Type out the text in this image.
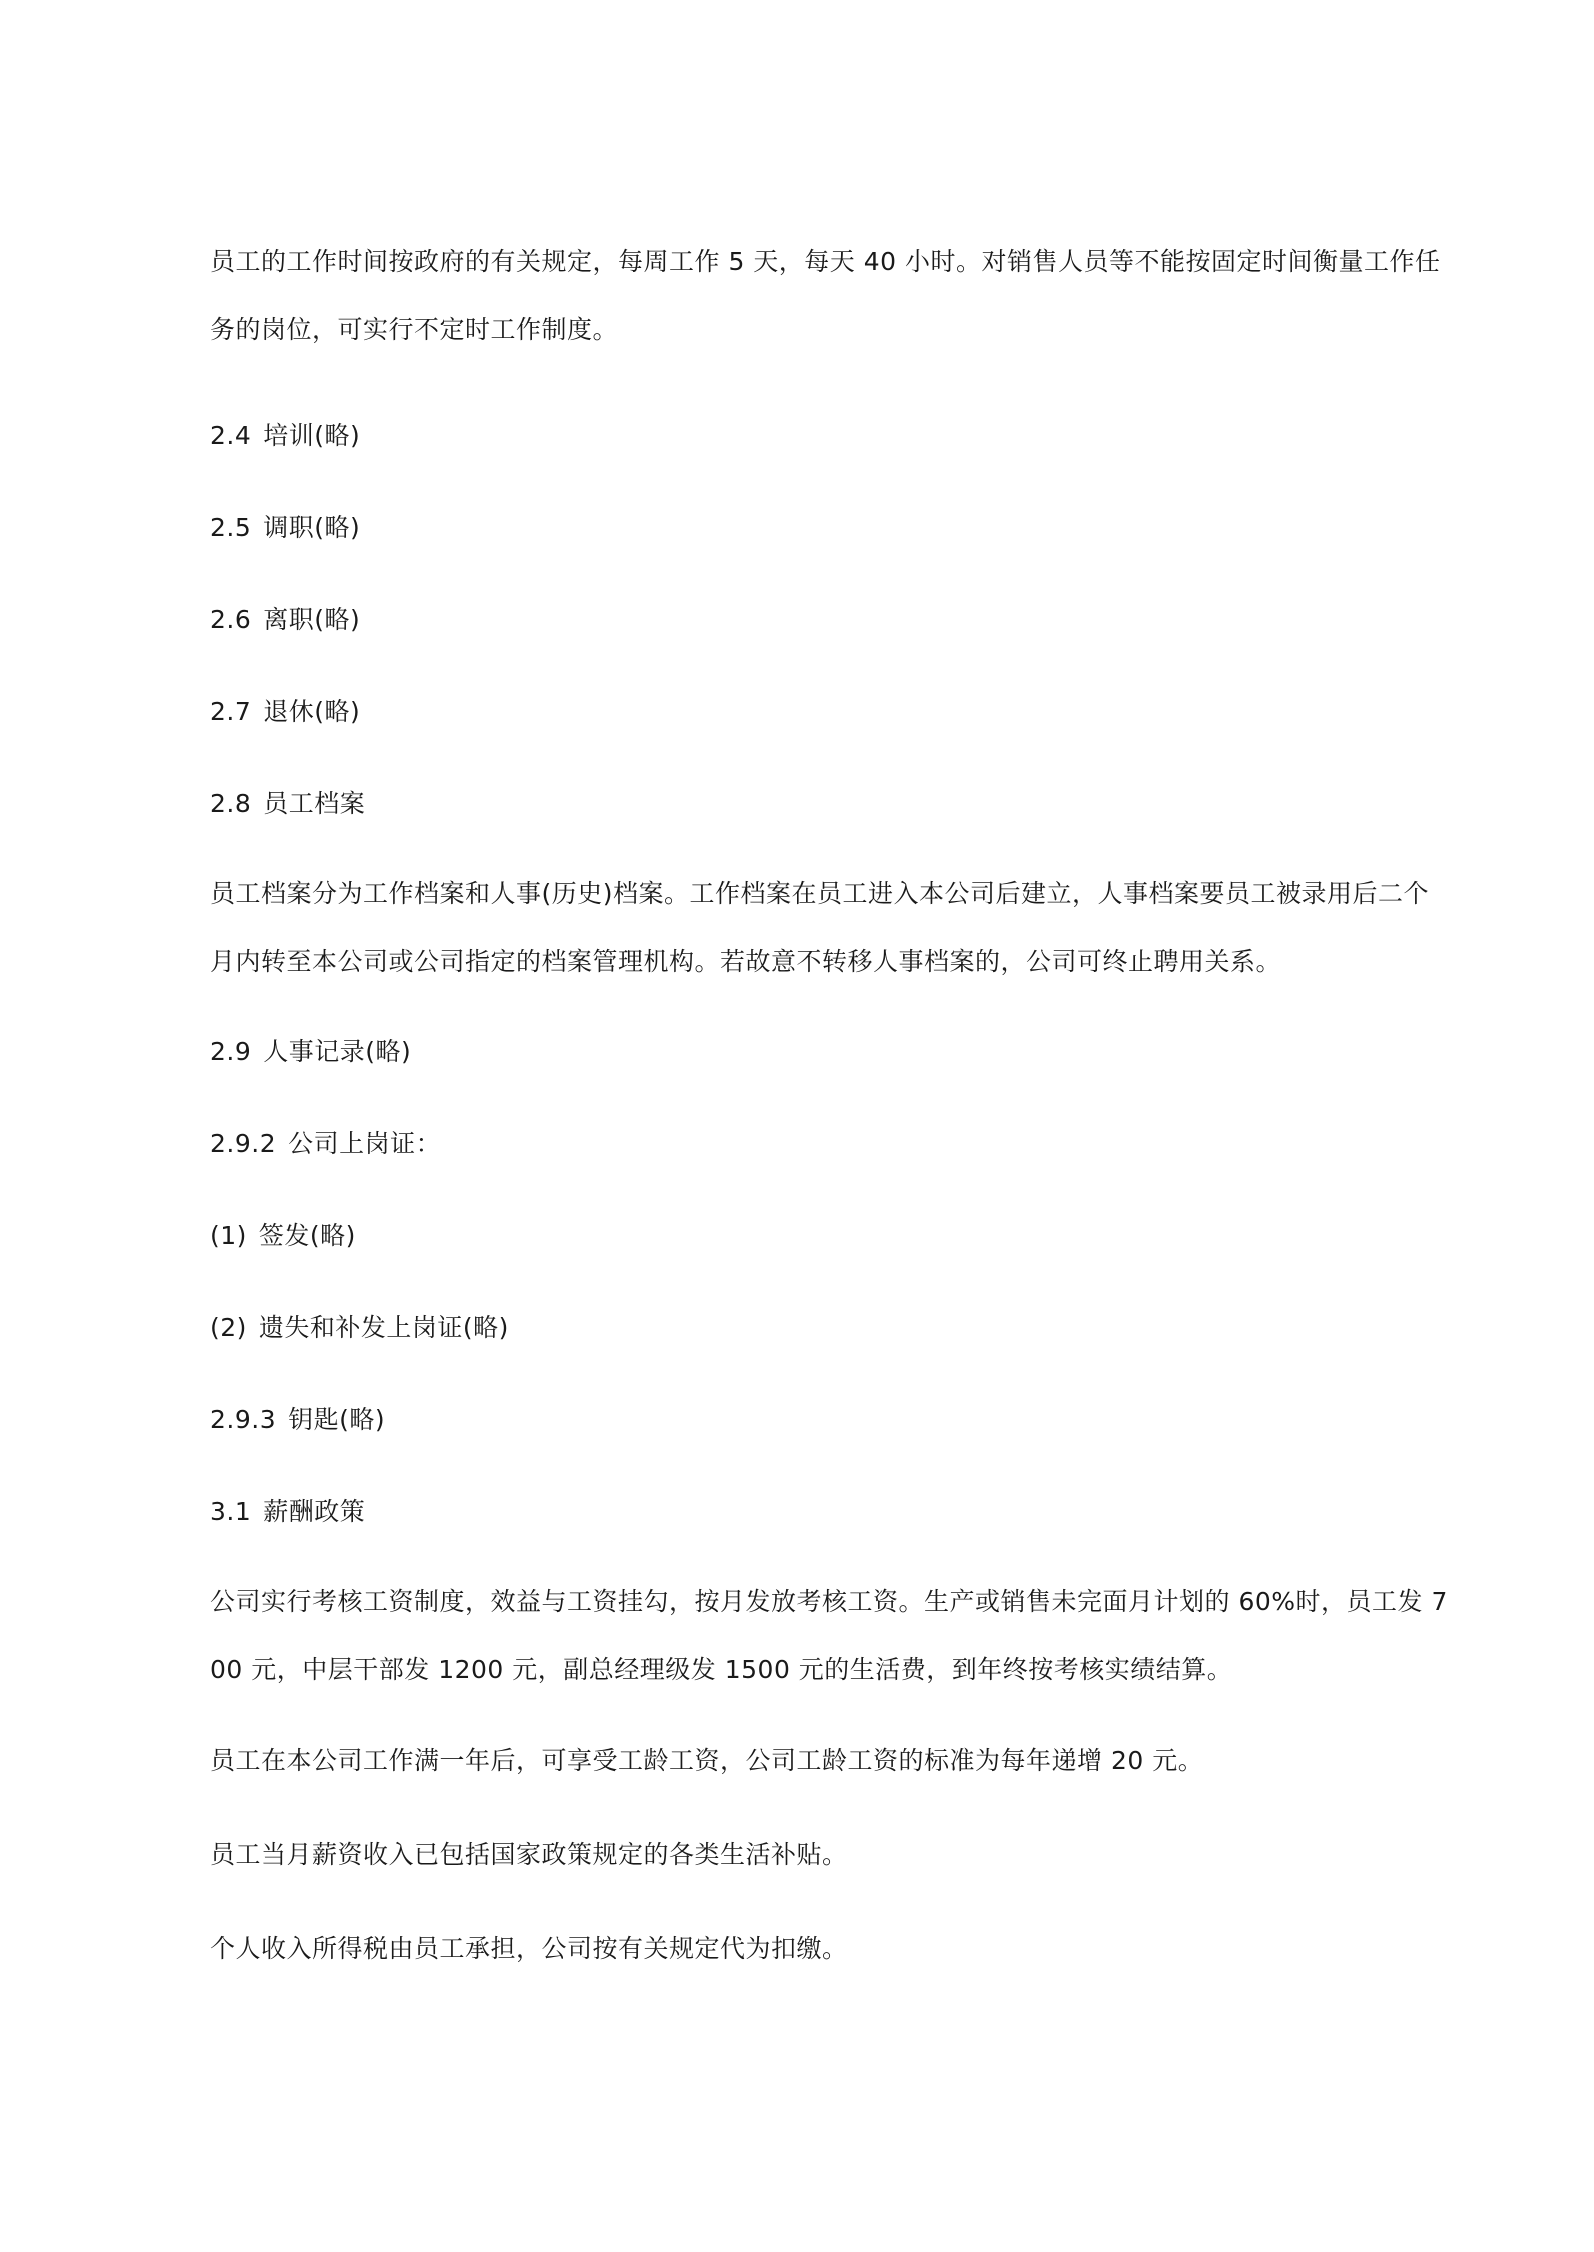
员工的工作时间按政府的有关规定，每周工作 5 天，每天 40 小时。对销售人员等不能按固定时间衡量工作任务的岗位，可实行不定时工作制度。

2.4 培训(略)

2.5 调职(略)

2.6 离职(略)

2.7 退休(略)

2.8 员工档案

员工档案分为工作档案和人事(历史)档案。工作档案在员工进入本公司后建立，人事档案要员工被录用后二个月内转至本公司或公司指定的档案管理机构。若故意不转移人事档案的，公司可终止聘用关系。

2.9 人事记录(略)

2.9.2 公司上岗证：

(1) 签发(略)

(2) 遗失和补发上岗证(略)

2.9.3 钥匙(略)

3.1 薪酬政策

公司实行考核工资制度，效益与工资挂勾，按月发放考核工资。生产或销售未完面月计划的 60%时，员工发 700 元，中层干部发 1200 元，副总经理级发 1500 元的生活费，到年终按考核实绩结算。

员工在本公司工作满一年后，可享受工龄工资，公司工龄工资的标准为每年递增 20 元。

员工当月薪资收入已包括国家政策规定的各类生活补贴。

个人收入所得税由员工承担，公司按有关规定代为扣缴。
